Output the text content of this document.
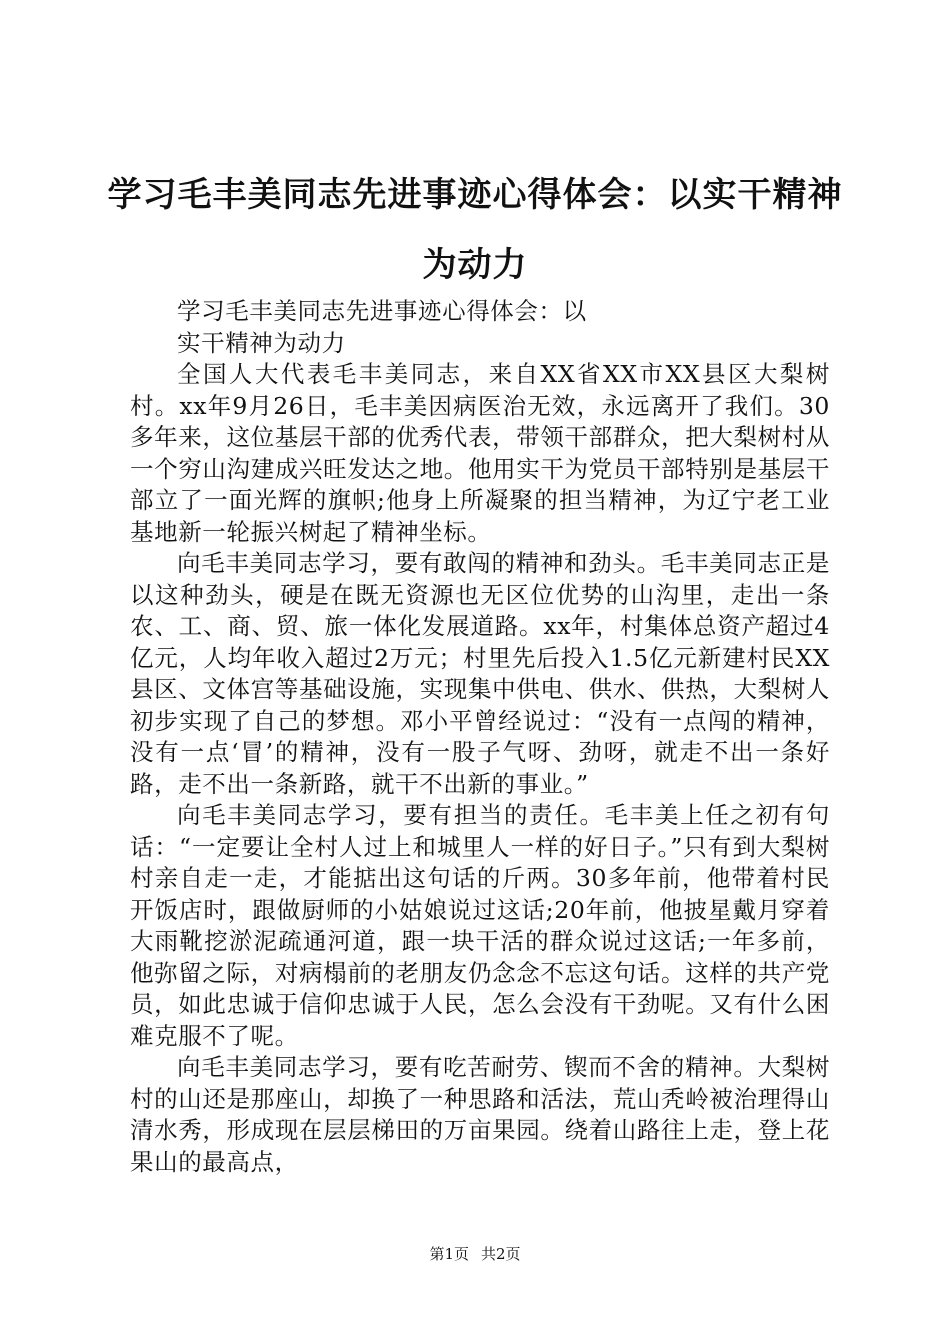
学习毛丰美同志先进事迹心得体会：以实干精神为动力

学习毛丰美同志先进事迹心得体会：以

实干精神为动力

全国人大代表毛丰美同志，来自XX省XX市XX县区大梨树村。xx年9月26日，毛丰美因病医治无效，永远离开了我们。30多年来，这位基层干部的优秀代表，带领干部群众，把大梨树村从一个穷山沟建成兴旺发达之地。他用实干为党员干部特别是基层干部立了一面光辉的旗帜;他身上所凝聚的担当精神，为辽宁老工业基地新一轮振兴树起了精神坐标。

向毛丰美同志学习，要有敢闯的精神和劲头。毛丰美同志正是以这种劲头，硬是在既无资源也无区位优势的山沟里，走出一条农、工、商、贸、旅一体化发展道路。xx年，村集体总资产超过4亿元，人均年收入超过2万元；村里先后投入1.5亿元新建村民XX县区、文体宫等基础设施，实现集中供电、供水、供热，大梨树人初步实现了自己的梦想。邓小平曾经说过：“没有一点闯的精神，没有一点‘冒’的精神，没有一股子气呀、劲呀，就走不出一条好路，走不出一条新路，就干不出新的事业。”

向毛丰美同志学习，要有担当的责任。毛丰美上任之初有句话：“一定要让全村人过上和城里人一样的好日子。”只有到大梨树村亲自走一走，才能掂出这句话的斤两。30多年前，他带着村民开饭店时，跟做厨师的小姑娘说过这话;20年前，他披星戴月穿着大雨靴挖淤泥疏通河道，跟一块干活的群众说过这话;一年多前，他弥留之际，对病榻前的老朋友仍念念不忘这句话。这样的共产党员，如此忠诚于信仰忠诚于人民，怎么会没有干劲呢。又有什么困难克服不了呢。

向毛丰美同志学习，要有吃苦耐劳、锲而不舍的精神。大梨树村的山还是那座山，却换了一种思路和活法，荒山秃岭被治理得山清水秀，形成现在层层梯田的万亩果园。绕着山路往上走，登上花果山的最高点，

第1页 共2页
